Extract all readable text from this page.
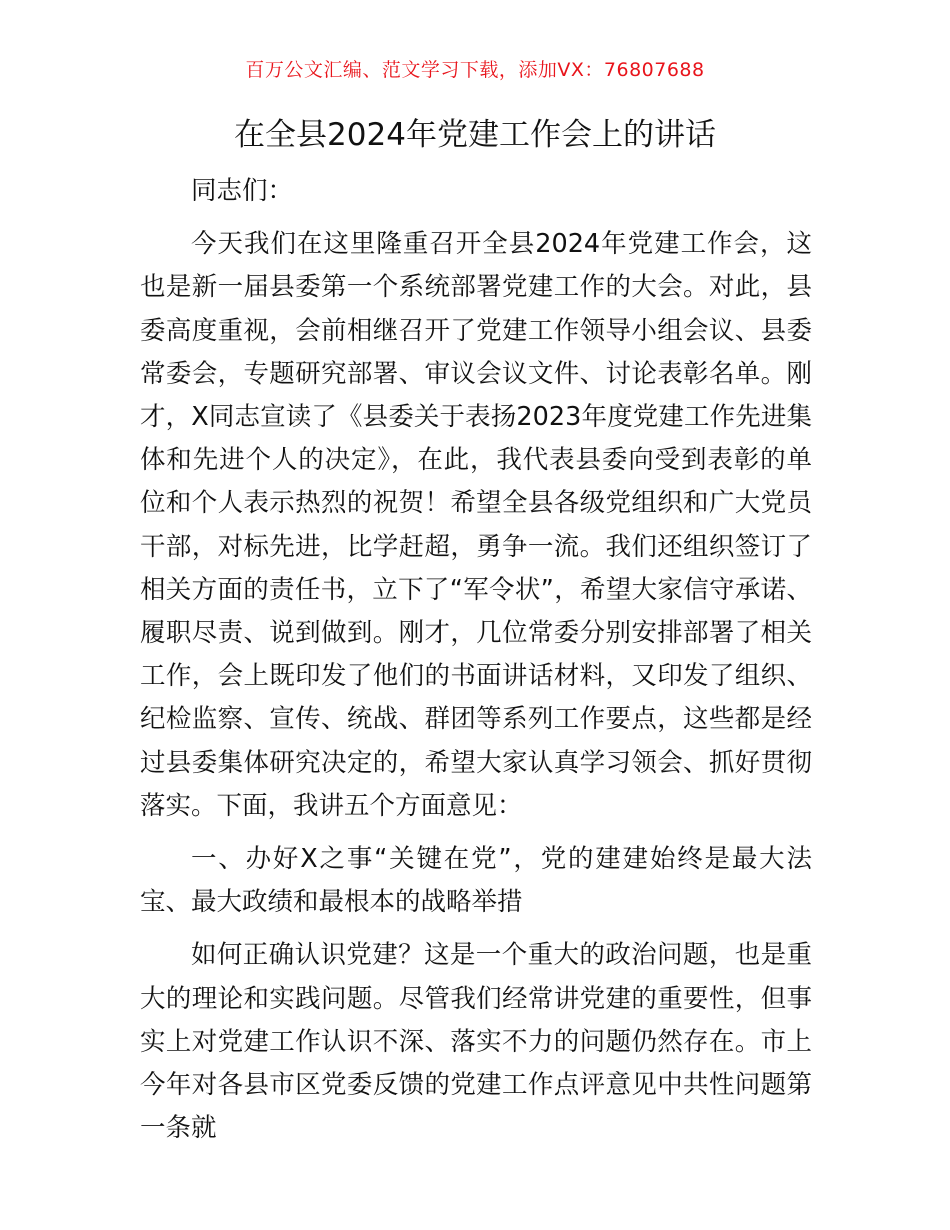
百万公文汇编、范文学习下载，添加VX：76807688
在全县2024年党建工作会上的讲话

同志们：

今天我们在这里隆重召开全县2024年党建工作会，这也是新一届县委第一个系统部署党建工作的大会。对此，县委高度重视，会前相继召开了党建工作领导小组会议、县委常委会，专题研究部署、审议会议文件、讨论表彰名单。刚才，X同志宣读了《县委关于表扬2023年度党建工作先进集体和先进个人的决定》，在此，我代表县委向受到表彰的单位和个人表示热烈的祝贺！希望全县各级党组织和广大党员干部，对标先进，比学赶超，勇争一流。我们还组织签订了相关方面的责任书，立下了“军令状”，希望大家信守承诺、履职尽责、说到做到。刚才，几位常委分别安排部署了相关工作，会上既印发了他们的书面讲话材料，又印发了组织、纪检监察、宣传、统战、群团等系列工作要点，这些都是经过县委集体研究决定的，希望大家认真学习领会、抓好贯彻落实。下面，我讲五个方面意见：

一、办好X之事“关键在党”，党的建建始终是最大法宝、最大政绩和最根本的战略举措

如何正确认识党建？这是一个重大的政治问题，也是重大的理论和实践问题。尽管我们经常讲党建的重要性，但事实上对党建工作认识不深、落实不力的问题仍然存在。市上今年对各县市区党委反馈的党建工作点评意见中共性问题第一条就
